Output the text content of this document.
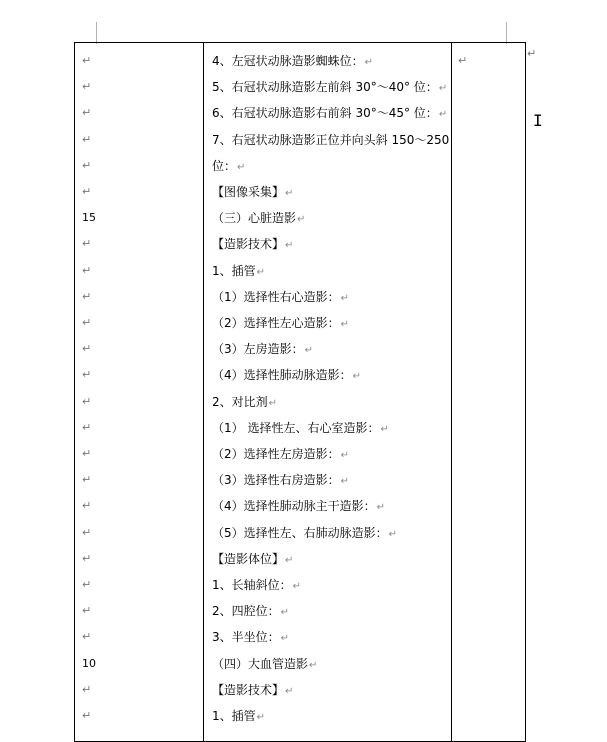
↵	4、左冠状动脉造影蜘蛛位：↵	↵
↵	5、右冠状动脉造影左前斜 30°～40° 位：↵
↵	6、右冠状动脉造影右前斜 30°～45° 位：↵
↵	7、右冠状动脉造影正位并向头斜 150～250
↵	位：↵
↵	【图像采集】↵
15	（三）心脏造影↵
↵	【造影技术】↵
↵	1、插管↵
↵	（1）选择性右心造影：↵
↵	（2）选择性左心造影：↵
↵	（3）左房造影：↵
↵	（4）选择性肺动脉造影：↵
↵	2、对比剂↵
↵	（1） 选择性左、右心室造影：↵
↵	（2）选择性左房造影：↵
↵	（3）选择性右房造影：↵
↵	（4）选择性肺动脉主干造影：↵
↵	（5）选择性左、右肺动脉造影：↵
↵	【造影体位】↵
↵	1、长轴斜位：↵
↵	2、四腔位：↵
↵	3、半坐位：↵
10	（四）大血管造影↵
↵	【造影技术】↵
↵	1、插管↵
↵
I
